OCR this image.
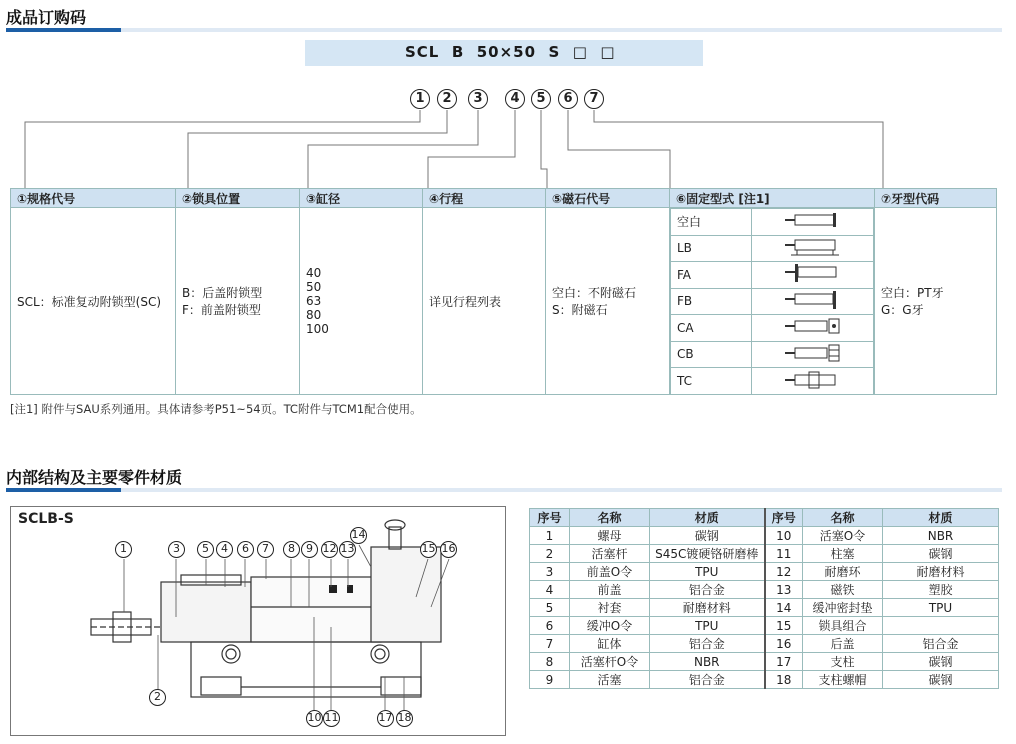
成品订购码
SCL  B  50×50  S  □  □
1	2	3	4	5	6	7
①规格代号	②锁具位置	③缸径	④行程	⑤磁石代号	⑥固定型式 [注1]	⑦牙型代码
SCL：标准复动附锁型(SC)	
B：后盖附锁型
F：前盖附锁型

40
50
63
80
100
	详见行程列表	
空白：不附磁石
S：附磁石

空白	
LB	
FA	
FB	
CA	
CB	
TC	

空白：PT牙
G：G牙
[注1] 附件与SAU系列通用。具体请参考P51~54页。TC附件与TCM1配合使用。
内部结构及主要零件材质
SCLB-S
1
2
3	5	4	6	7	8	9 12 13
14
15 16
10 11	17 18
序号	名称	材质	序号	名称	材质
1	螺母	碳钢	10	活塞O令	NBR
2	活塞杆	S45C镀硬铬研磨棒	11	柱塞	碳钢
3	前盖O令	TPU	12	耐磨环	耐磨材料
4	前盖	铝合金	13	磁铁	塑胶
5	衬套	耐磨材料	14	缓冲密封垫	TPU
6	缓冲O令	TPU	15	锁具组合	
7	缸体	铝合金	16	后盖	铝合金
8	活塞杆O令	NBR	17	支柱	碳钢
9	活塞	铝合金	18	支柱螺帽	碳钢
